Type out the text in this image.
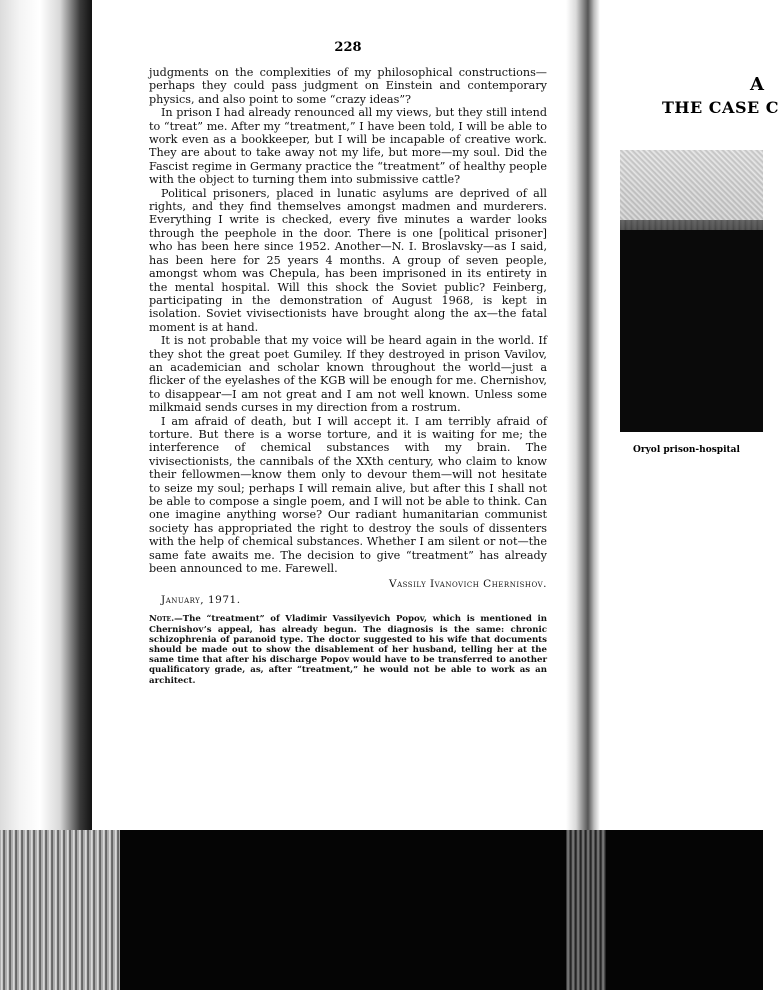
228

judgments on the complexities of my philosophical constructions—perhaps they could pass judgment on Einstein and contemporary physics, and also point to some “crazy ideas”?

In prison I had already renounced all my views, but they still intend to “treat” me. After my “treatment,” I have been told, I will be able to work even as a bookkeeper, but I will be incapable of creative work. They are about to take away not my life, but more—my soul. Did the Fascist regime in Germany practice the “treatment” of healthy people with the object to turning them into submissive cattle?

Political prisoners, placed in lunatic asylums are deprived of all rights, and they find themselves amongst madmen and murderers. Everything I write is checked, every five minutes a warder looks through the peephole in the door. There is one [political prisoner] who has been here since 1952. Another—N. I. Broslavsky—as I said, has been here for 25 years 4 months. A group of seven people, amongst whom was Chepula, has been imprisoned in its entirety in the mental hospital. Will this shock the Soviet public? Feinberg, participating in the demonstration of August 1968, is kept in isolation. Soviet vivisectionists have brought along the ax—the fatal moment is at hand.

It is not probable that my voice will be heard again in the world. If they shot the great poet Gumiley. If they destroyed in prison Vavilov, an academician and scholar known throughout the world—just a flicker of the eyelashes of the KGB will be enough for me. Chernishov, to disappear—I am not great and I am not well known. Unless some milkmaid sends curses in my direction from a rostrum.

I am afraid of death, but I will accept it. I am terribly afraid of torture. But there is a worse torture, and it is waiting for me; the interference of chemical substances with my brain. The vivisectionists, the cannibals of the XXth century, who claim to know their fellowmen—know them only to devour them—will not hesitate to seize my soul; perhaps I will remain alive, but after this I shall not be able to compose a single poem, and I will not be able to think. Can one imagine anything worse? Our radiant humanitarian communist society has appropriated the right to destroy the souls of dissenters with the help of chemical substances. Whether I am silent or not—the same fate awaits me. The decision to give “treatment” has already been announced to me. Farewell.

Vassily Ivanovich Chernishov.
January, 1971.
Note.—The “treatment” of Vladimir Vassilyevich Popov, which is mentioned in Chernishov’s appeal, has already begun. The diagnosis is the same: chronic schizophrenia of paranoid type. The doctor suggested to his wife that documents should be made out to show the disablement of her husband, telling her at the same time that after his discharge Popov would have to be transferred to another qualificatory grade, as, after “treatment,” he would not be able to work as an architect.
A
THE CASE C
Oryol prison-hospital
